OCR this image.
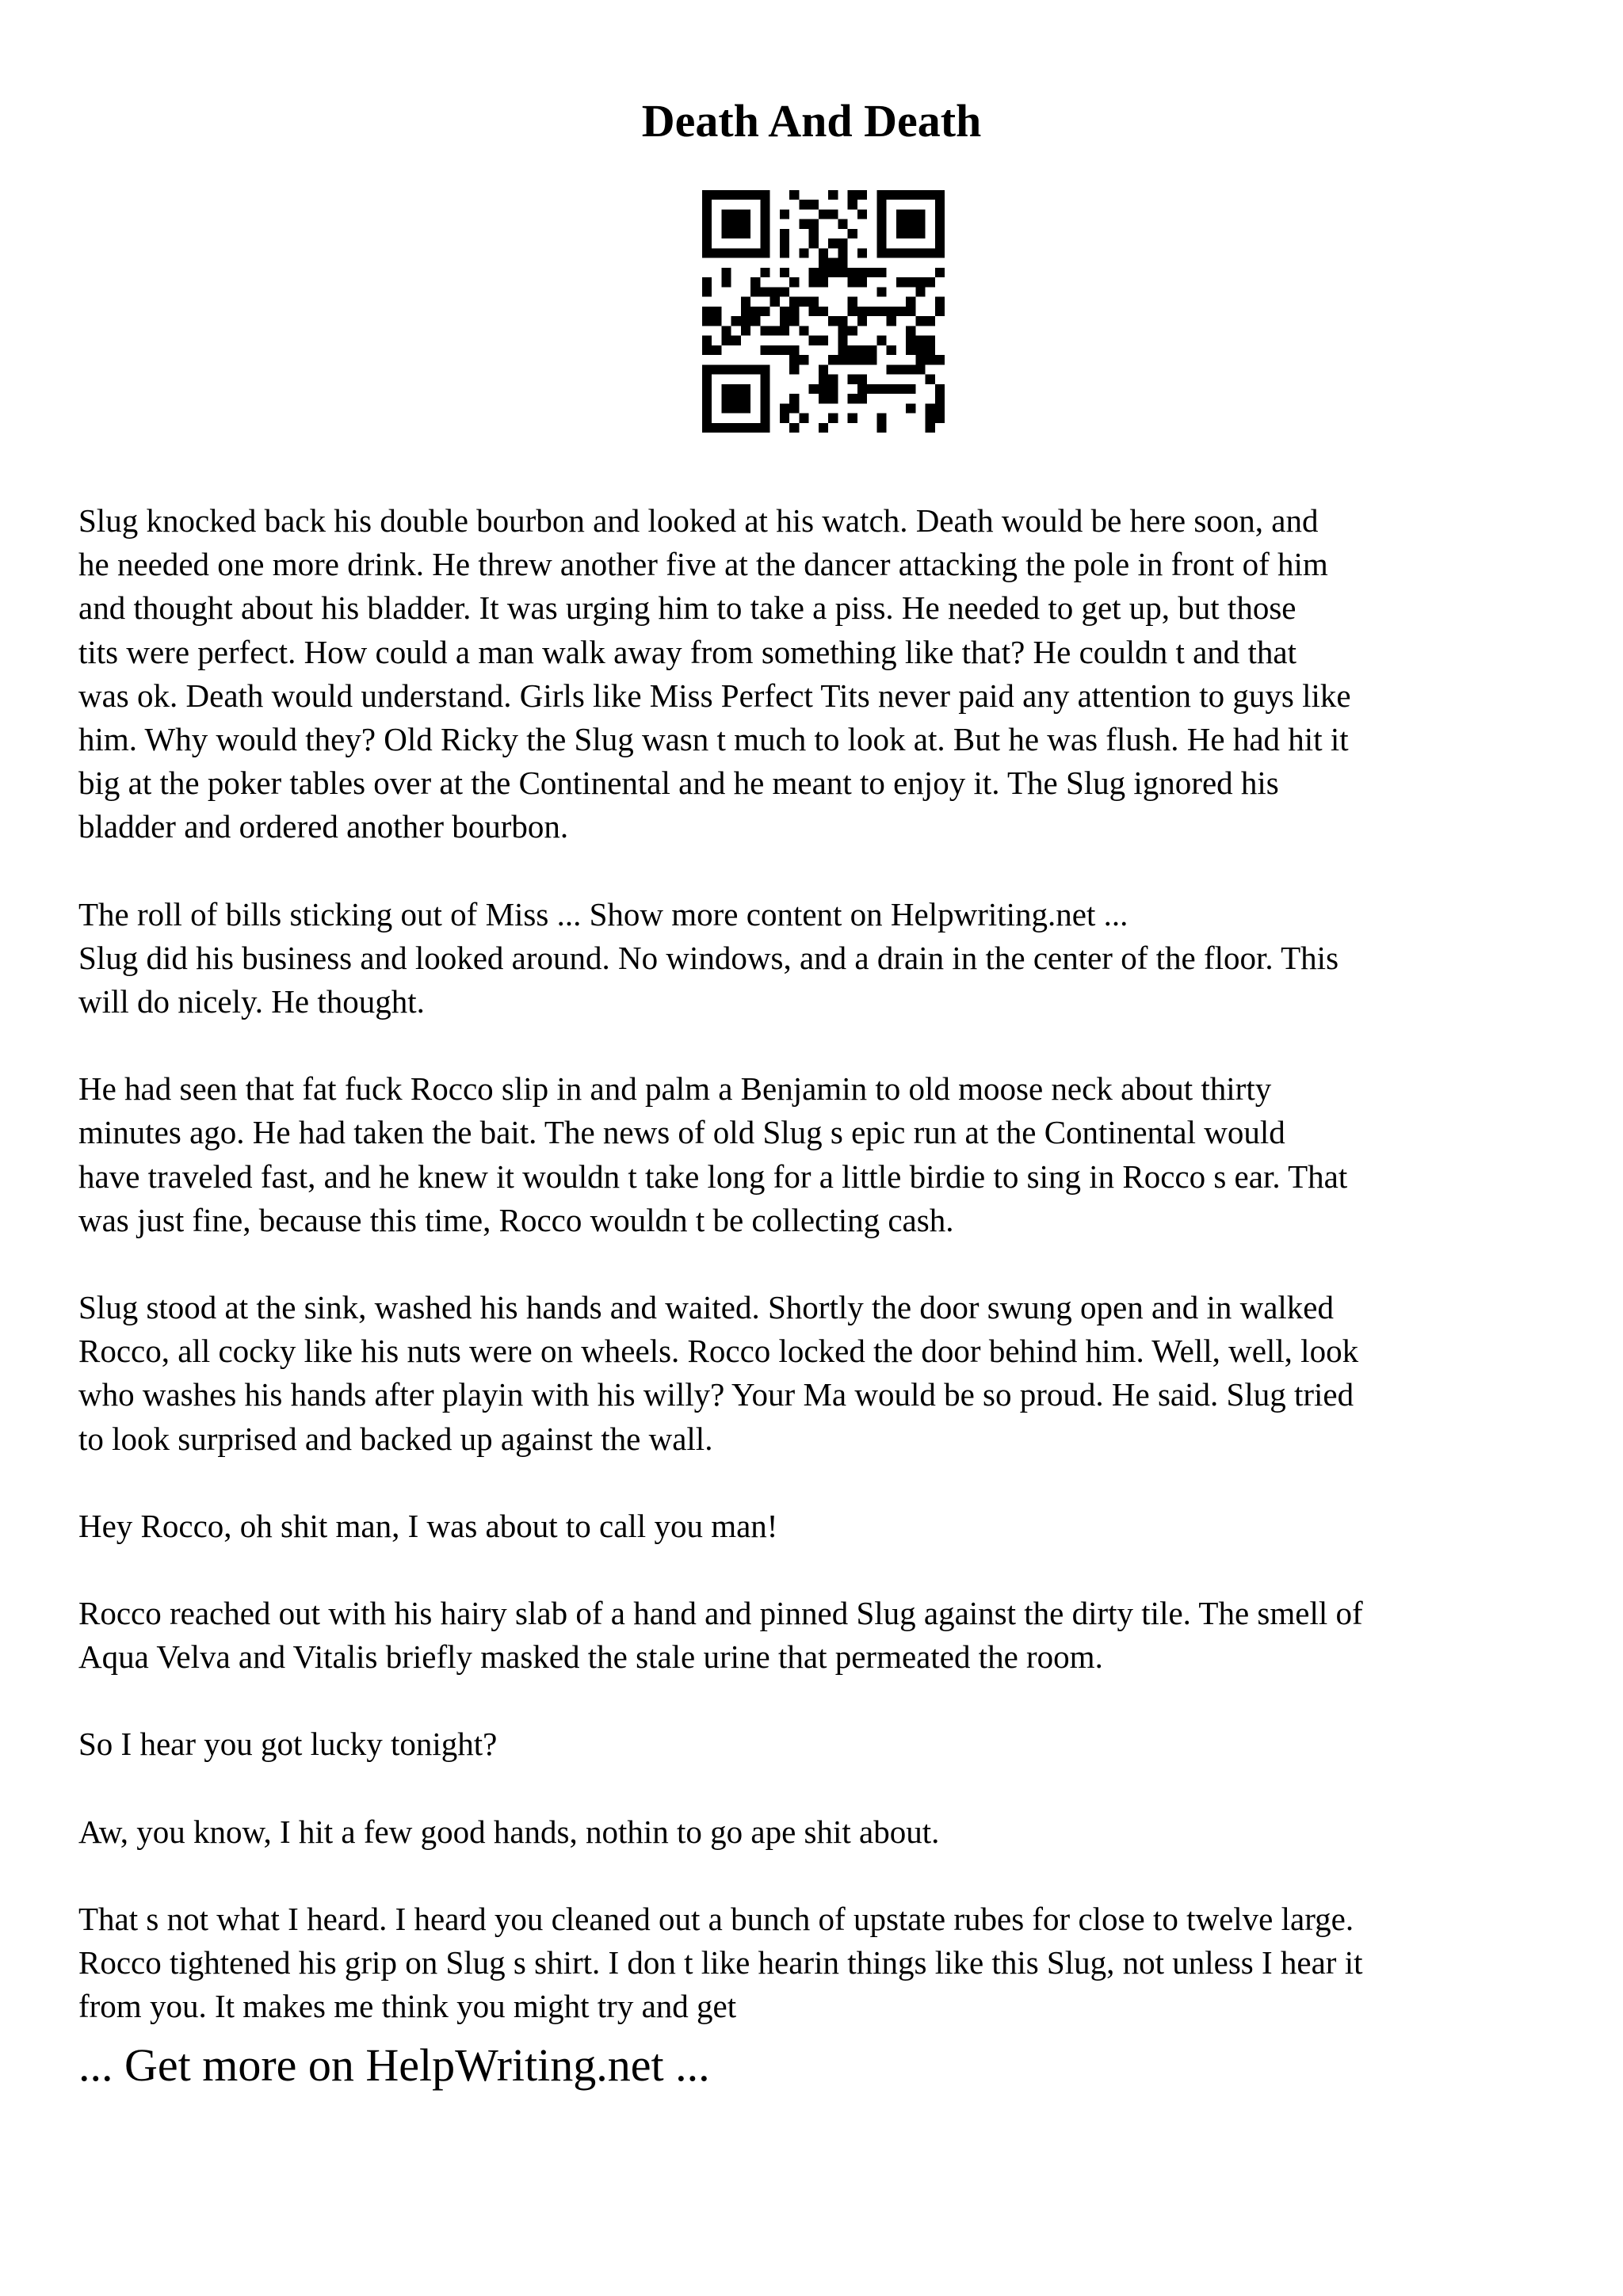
Death And Death

Slug knocked back his double bourbon and looked at his watch. Death would be here soon, and
he needed one more drink. He threw another five at the dancer attacking the pole in front of him
and thought about his bladder. It was urging him to take a piss. He needed to get up, but those
tits were perfect. How could a man walk away from something like that? He couldn t and that
was ok. Death would understand. Girls like Miss Perfect Tits never paid any attention to guys like
him. Why would they? Old Ricky the Slug wasn t much to look at. But he was flush. He had hit it
big at the poker tables over at the Continental and he meant to enjoy it. The Slug ignored his
bladder and ordered another bourbon.

The roll of bills sticking out of Miss ... Show more content on Helpwriting.net ...
Slug did his business and looked around. No windows, and a drain in the center of the floor. This
will do nicely. He thought.

He had seen that fat fuck Rocco slip in and palm a Benjamin to old moose neck about thirty
minutes ago. He had taken the bait. The news of old Slug s epic run at the Continental would
have traveled fast, and he knew it wouldn t take long for a little birdie to sing in Rocco s ear. That
was just fine, because this time, Rocco wouldn t be collecting cash.

Slug stood at the sink, washed his hands and waited. Shortly the door swung open and in walked
Rocco, all cocky like his nuts were on wheels. Rocco locked the door behind him. Well, well, look
who washes his hands after playin with his willy? Your Ma would be so proud. He said. Slug tried
to look surprised and backed up against the wall.

Hey Rocco, oh shit man, I was about to call you man!

Rocco reached out with his hairy slab of a hand and pinned Slug against the dirty tile. The smell of
Aqua Velva and Vitalis briefly masked the stale urine that permeated the room.

So I hear you got lucky tonight?

Aw, you know, I hit a few good hands, nothin to go ape shit about.

That s not what I heard. I heard you cleaned out a bunch of upstate rubes for close to twelve large.
Rocco tightened his grip on Slug s shirt. I don t like hearin things like this Slug, not unless I hear it
from you. It makes me think you might try and get

... Get more on HelpWriting.net ...
